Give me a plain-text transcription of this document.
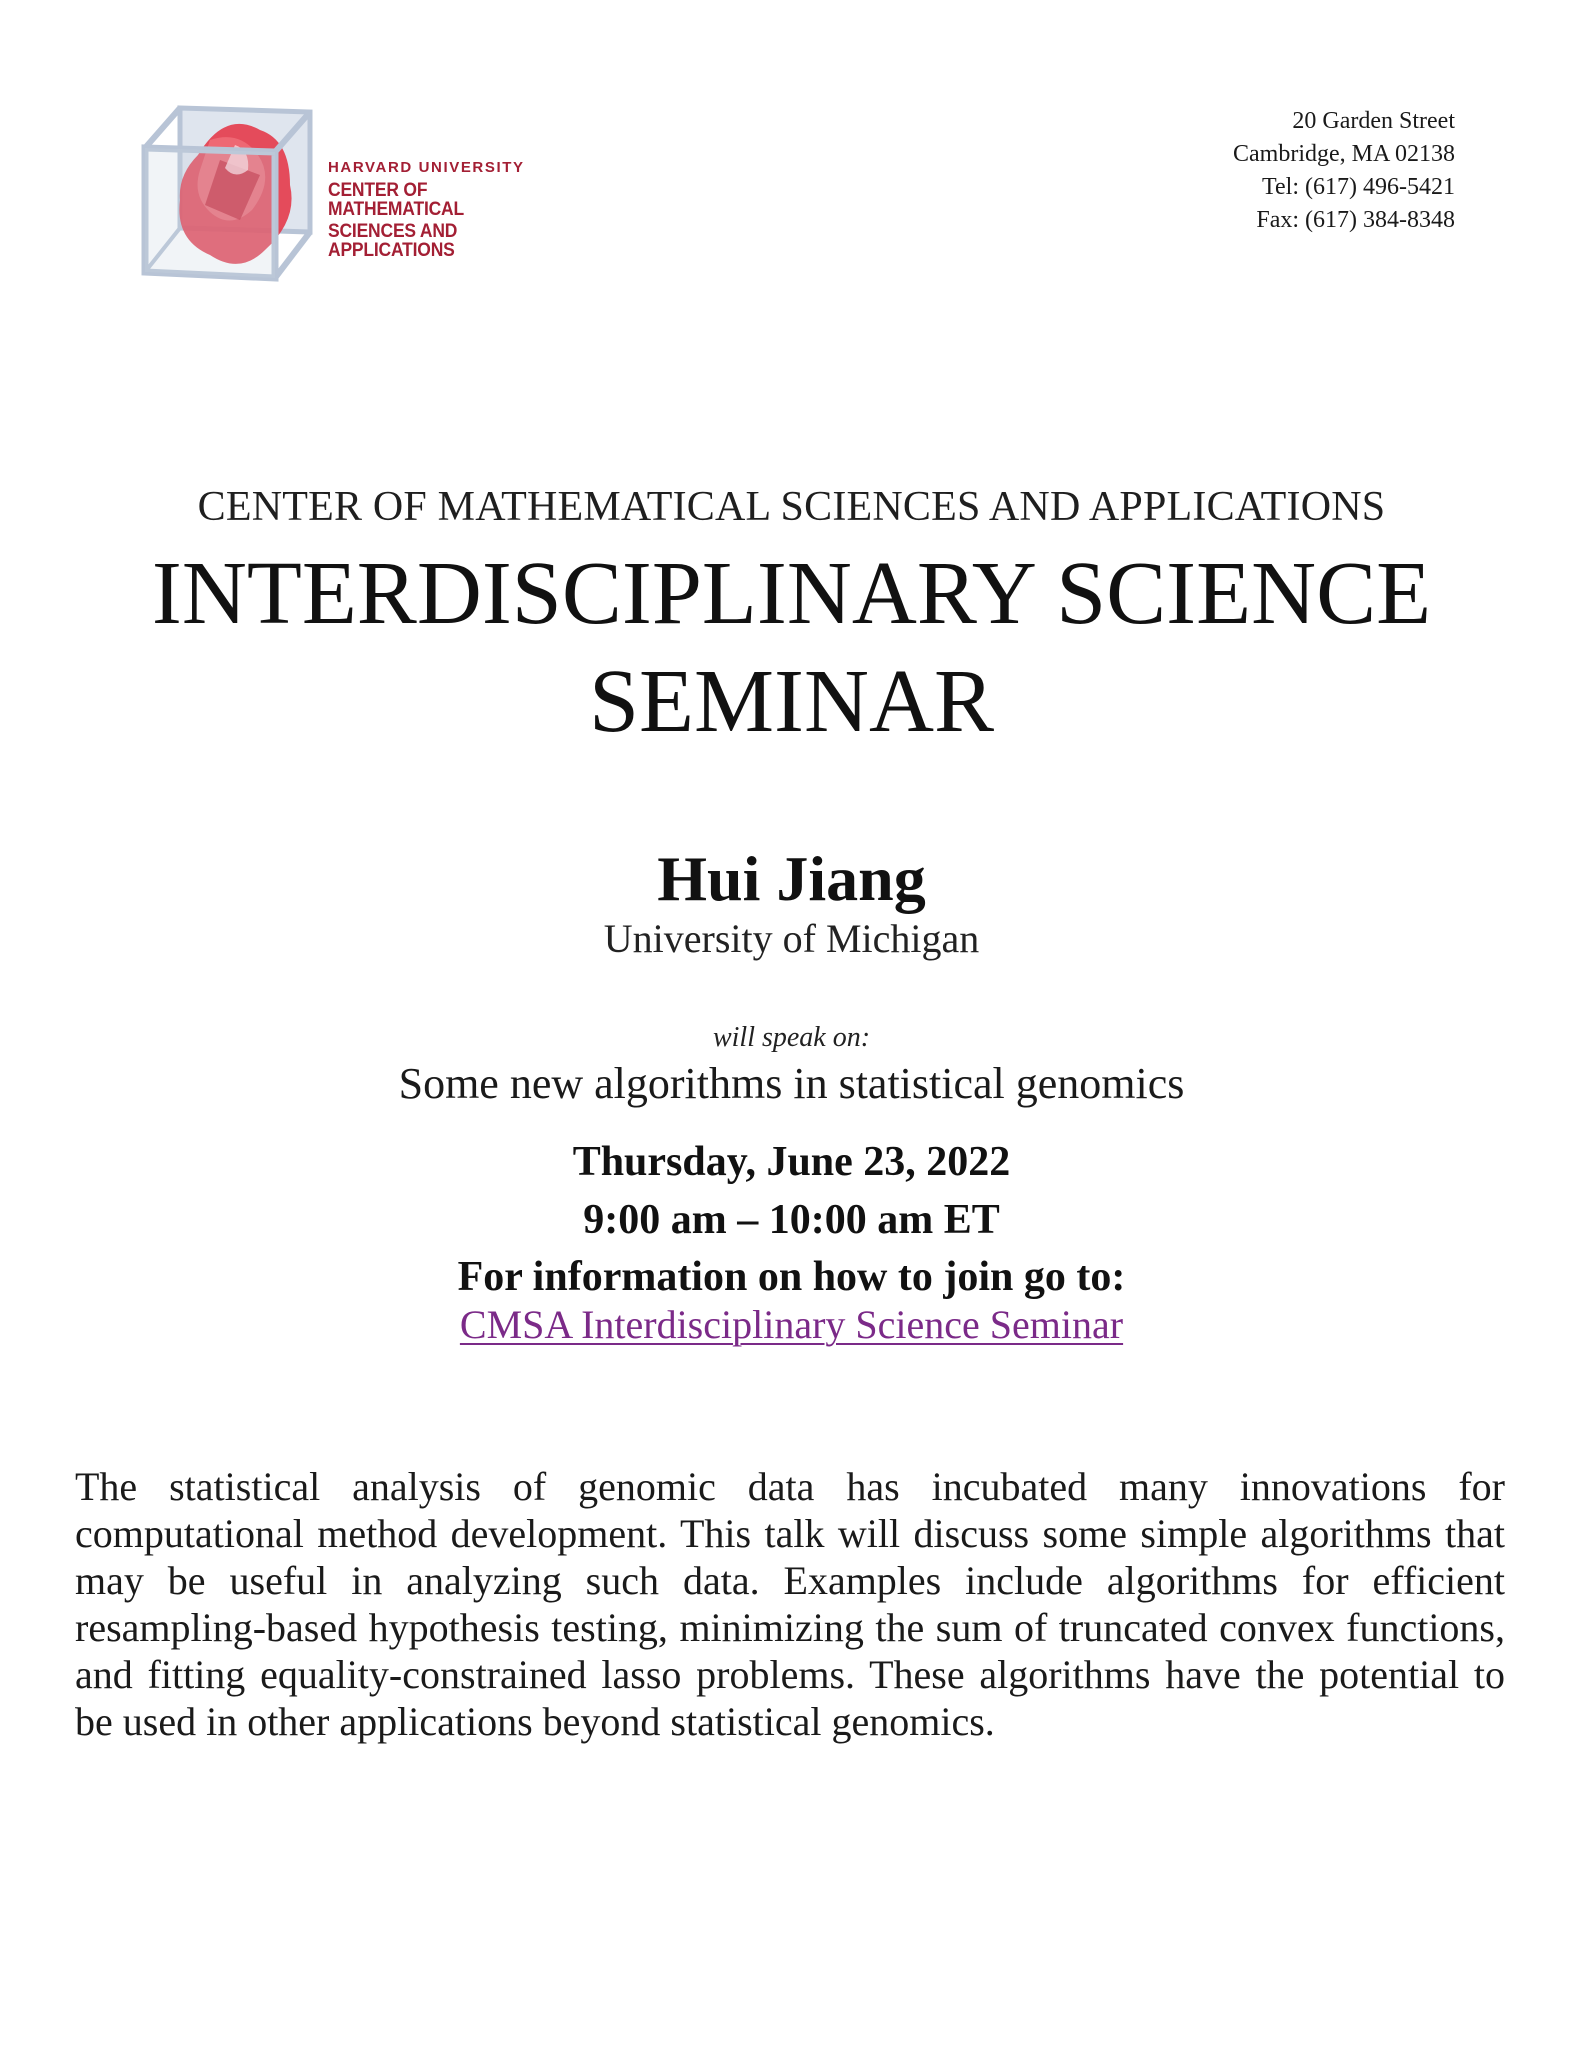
HARVARD UNIVERSITY
CENTER OF MATHEMATICAL
SCIENCES AND APPLICATIONS
20 Garden Street
Cambridge, MA 02138
Tel: (617) 496-5421
Fax: (617) 384-8348
CENTER OF MATHEMATICAL SCIENCES AND APPLICATIONS
INTERDISCIPLINARY SCIENCE
SEMINAR
Hui Jiang
University of Michigan
will speak on:
Some new algorithms in statistical genomics
Thursday, June 23, 2022
9:00 am – 10:00 am ET
For information on how to join go to:
CMSA Interdisciplinary Science Seminar
The statistical analysis of genomic data has incubated many innovations for computational method development. This talk will discuss some simple algorithms that may be useful in analyzing such data. Examples include algorithms for efficient resampling-based hypothesis testing, minimizing the sum of truncated convex functions, and fitting equality-constrained lasso problems. These algorithms have the potential to be used in other applications beyond statistical genomics.
